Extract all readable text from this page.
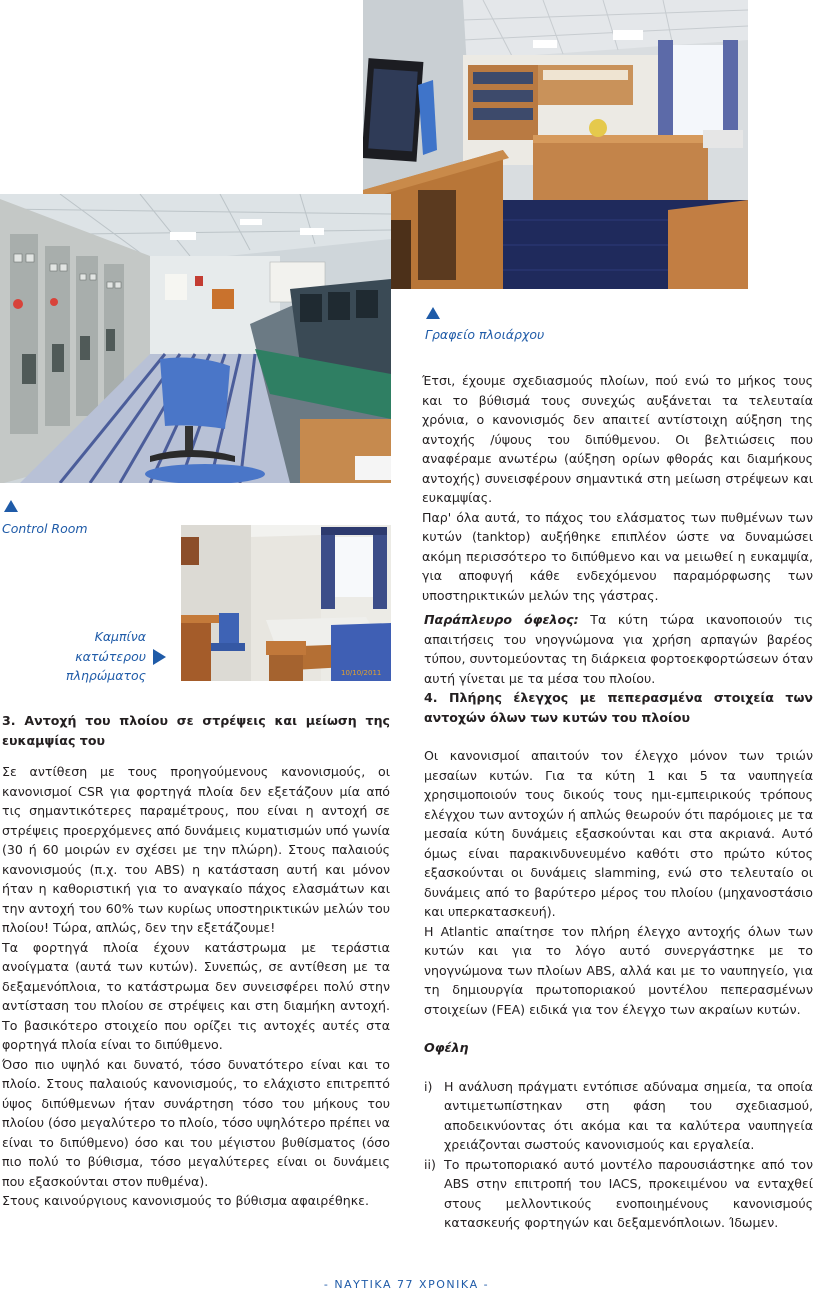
Γραφείο πλοιάρχου
Control Room
10/10/2011
Καμπίνα
κατώτερου
πληρώματος

Έτσι, έχουμε σχεδιασμούς πλοίων, πού ενώ το μήκος τους και το βύθισμά τους συνεχώς αυξάνεται τα τελευταία χρόνια, ο κανονισμός δεν απαιτεί αντίστοιχη αύξηση της αντοχής /ύψους του διπύθμενου. Οι βελτιώσεις που αναφέραμε ανωτέρω (αύξηση ορίων φθοράς και διαμήκους αντοχής) συνεισφέρουν σημαντικά στη μείωση στρέψεων και ευκαμψίας.

Παρ' όλα αυτά, το πάχος του ελάσματος των πυθμένων των κυτών (tanktop) αυξήθηκε επιπλέον ώστε να δυναμώσει ακόμη περισσότερο το διπύθμενο και να μειωθεί η ευκαμψία, για αποφυγή κάθε ενδεχόμενου παραμόρφωσης των υποστηρικτικών μελών της γάστρας.

3. Αντοχή του πλοίου σε στρέψεις και μείωση της ευκαμψίας του

Σε αντίθεση με τους προηγούμενους κανονισμούς, οι κανονισμοί CSR για φορτηγά πλοία δεν εξετάζουν μία από τις σημαντικότερες παραμέτρους, που είναι η αντοχή σε στρέψεις προερχόμενες από δυνάμεις κυματισμών υπό γωνία (30 ή 60 μοιρών εν σχέσει με την πλώρη). Στους παλαιούς κανονισμούς (π.χ. του ABS) η κατάσταση αυτή και μόνον ήταν η καθοριστική για το αναγκαίο πάχος ελασμάτων και την αντοχή του 60% των κυρίως υποστηρικτικών μελών του πλοίου! Τώρα, απλώς, δεν την εξετάζουμε!

Τα φορτηγά πλοία έχουν κατάστρωμα με τεράστια ανοίγματα (αυτά των κυτών). Συνεπώς, σε αντίθεση με τα δεξαμενόπλοια, το κατάστρωμα δεν συνεισφέρει πολύ στην αντίσταση του πλοίου σε στρέψεις και στη διαμήκη αντοχή. Το βασικότερο στοιχείο που ορίζει τις αντοχές αυτές στα φορτηγά πλοία είναι το διπύθμενο.

Όσο πιο υψηλό και δυνατό, τόσο δυνατότερο είναι και το πλοίο. Στους παλαιούς κανονισμούς, το ελάχιστο επιτρεπτό ύψος διπύθμενων ήταν συνάρτηση τόσο του μήκους του πλοίου (όσο μεγαλύτερο το πλοίο, τόσο υψηλότερο πρέπει να είναι το διπύθμενο) όσο και του μέγιστου βυθίσματος (όσο πιο πολύ το βύθισμα, τόσο μεγαλύτερες είναι οι δυνάμεις που εξασκούνται στον πυθμένα).

Στους καινούργιους κανονισμούς το βύθισμα αφαιρέθηκε.

Παράπλευρο όφελος: Τα κύτη τώρα ικανοποιούν τις απαιτήσεις του νηογνώμονα για χρήση αρπαγών βαρέος τύπου, συντομεύοντας τη διάρκεια φορτοεκφορτώσεων όταν αυτή γίνεται με τα μέσα του πλοίου.

4. Πλήρης έλεγχος με πεπερασμένα στοιχεία των αντοχών όλων των κυτών του πλοίου

Οι κανονισμοί απαιτούν τον έλεγχο μόνον των τριών μεσαίων κυτών. Για τα κύτη 1 και 5 τα ναυπηγεία χρησιμοποιούν τους δικούς τους ημι-εμπειρικούς τρόπους ελέγχου των αντοχών ή απλώς θεωρούν ότι παρόμοιες με τα μεσαία κύτη δυνάμεις εξασκούνται και στα ακριανά. Αυτό όμως είναι παρακινδυνευμένο καθότι στο πρώτο κύτος εξασκούνται οι δυνάμεις slamming, ενώ στο τελευταίο οι δυνάμεις από το βαρύτερο μέρος του πλοίου (μηχανοστάσιο και υπερκατασκευή).

Η Atlantic απαίτησε τον πλήρη έλεγχο αντοχής όλων των κυτών και για το λόγο αυτό συνεργάστηκε με το νηογνώμονα των πλοίων ABS, αλλά και με το ναυπηγείο, για τη δημιουργία πρωτοποριακού μοντέλου πεπερασμένων στοιχείων (FEA) ειδικά για τον έλεγχο των ακραίων κυτών.

Οφέλη

i) Η ανάλυση πράγματι εντόπισε αδύναμα σημεία, τα οποία αντιμετωπίστηκαν στη φάση του σχεδιασμού, αποδεικνύοντας ότι ακόμα και τα καλύτερα ναυπηγεία χρειάζονται σωστούς κανονισμούς και εργαλεία.
ii) Το πρωτοποριακό αυτό μοντέλο παρουσιάστηκε από τον ABS στην επιτροπή του IACS, προκειμένου να ενταχθεί στους μελλοντικούς ενοποιημένους κανονισμούς κατασκευής φορτηγών και δεξαμενόπλοιων. Ίδωμεν.
- ΝΑΥΤΙΚΑ 77 ΧΡΟΝΙΚΑ -
